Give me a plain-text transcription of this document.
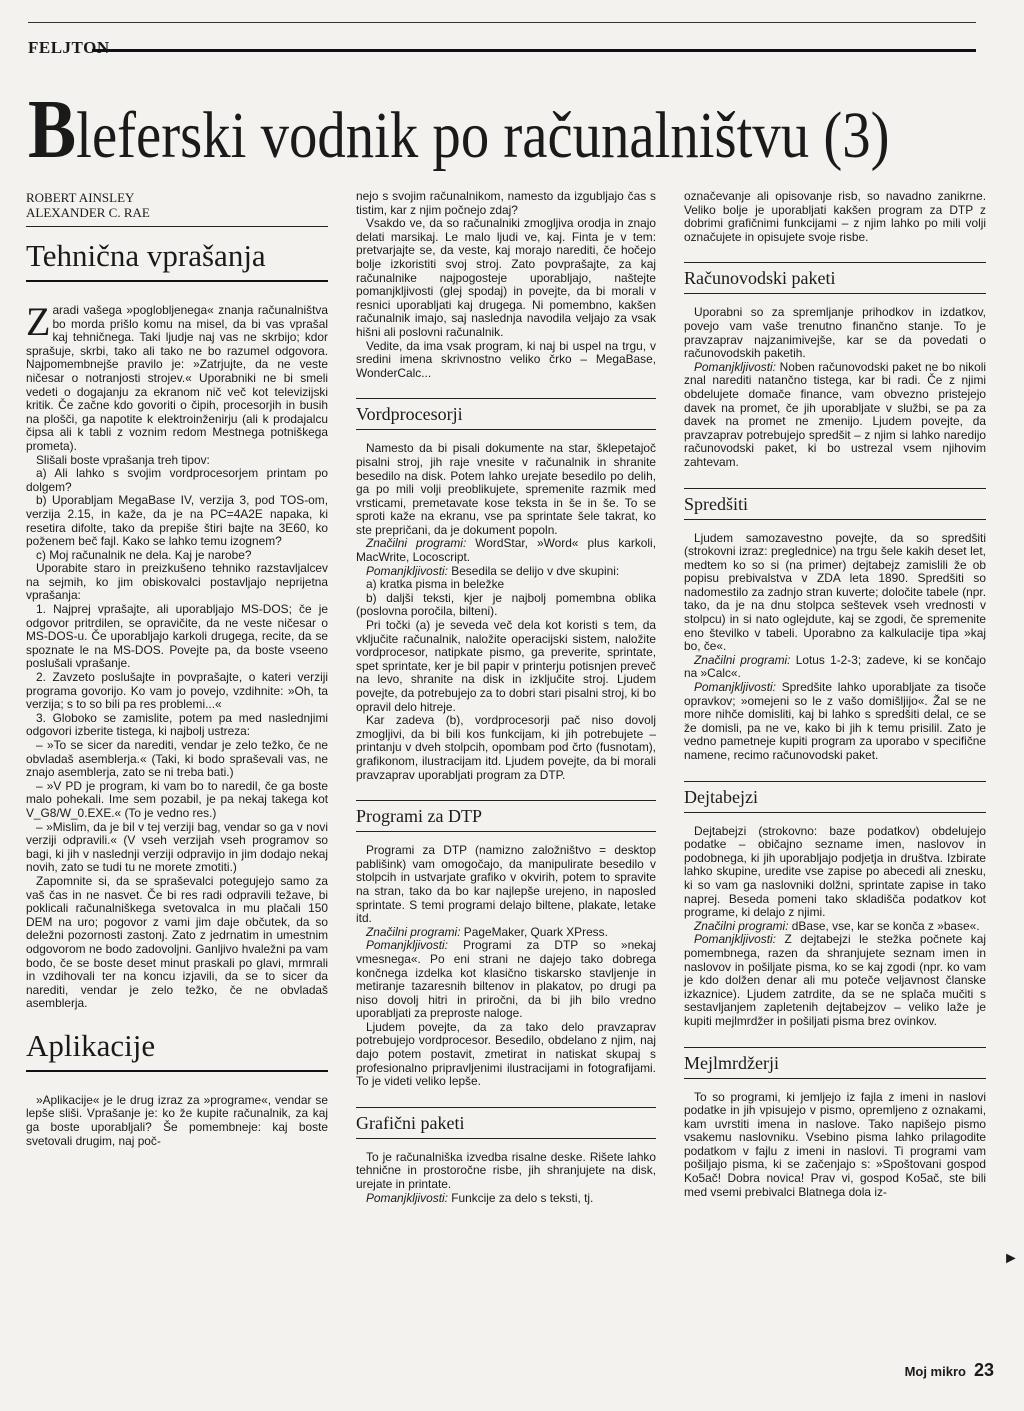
FELJTON
Bleferski vodnik po računalništvu (3)
ROBERT AINSLEY
ALEXANDER C. RAE
Tehnična vprašanja

Zaradi vašega »poglobljenega« znanja računalništva bo morda prišlo komu na misel, da bi vas vprašal kaj tehničnega. Taki ljudje naj vas ne skrbijo; kdor sprašuje, skrbi, tako ali tako ne bo razumel odgovora. Najpomembnejše pravilo je: »Zatrjujte, da ne veste ničesar o notranjosti strojev.« Uporabniki ne bi smeli vedeti o dogajanju za ekranom nič več kot televizijski kritik. Če začne kdo govoriti o čipih, procesorjih in busih na plošči, ga napotite k elektroinženirju (ali k prodajalcu čipsa ali k tabli z voznim redom Mestnega potniškega prometa).

Slišali boste vprašanja treh tipov:

a) Ali lahko s svojim vordprocesorjem printam po dolgem?

b) Uporabljam MegaBase IV, verzija 3, pod TOS-om, verzija 2.15, in kaže, da je na PC=4A2E napaka, ki resetira difolte, tako da prepiše štiri bajte na 3E60, ko poženem beč fajl. Kako se lahko temu izognem?

c) Moj računalnik ne dela. Kaj je narobe?

Uporabite staro in preizkušeno tehniko razstavljalcev na sejmih, ko jim obiskovalci postavljajo neprijetna vprašanja:

1. Najprej vprašajte, ali uporabljajo MS-DOS; če je odgovor pritrdilen, se opravičite, da ne veste ničesar o MS-DOS-u. Če uporabljajo karkoli drugega, recite, da se spoznate le na MS-DOS. Povejte pa, da boste vseeno poslušali vprašanje.

2. Zavzeto poslušajte in povprašajte, o kateri verziji programa govorijo. Ko vam jo povejo, vzdihnite: »Oh, ta verzija; s to so bili pa res problemi...«

3. Globoko se zamislite, potem pa med naslednjimi odgovori izberite tistega, ki najbolj ustreza:

– »To se sicer da narediti, vendar je zelo težko, če ne obvladaš asemblerja.« (Taki, ki bodo spraševali vas, ne znajo asemblerja, zato se ni treba bati.)

– »V PD je program, ki vam bo to naredil, če ga boste malo pohekali. Ime sem pozabil, je pa nekaj takega kot V_G8/W_0.EXE.« (To je vedno res.)

– »Mislim, da je bil v tej verziji bag, vendar so ga v novi verziji odpravili.« (V vseh verzijah vseh programov so bagi, ki jih v naslednji verziji odpravijo in jim dodajo nekaj novih, zato se tudi tu ne morete zmotiti.)

Zapomnite si, da se spraševalci potegujejo samo za vaš čas in ne nasvet. Če bi res radi odpravili težave, bi poklicali računalniškega svetovalca in mu plačali 150 DEM na uro; pogovor z vami jim daje občutek, da so deležni pozornosti zastonj. Zato z jedrnatim in umestnim odgovorom ne bodo zadovoljni. Ganljivo hvaležni pa vam bodo, če se boste deset minut praskali po glavi, mrmrali in vzdihovali ter na koncu izjavili, da se to sicer da narediti, vendar je zelo težko, če ne obvladaš asemblerja.

Aplikacije

»Aplikacije« je le drug izraz za »programe«, vendar se lepše sliši. Vprašanje je: ko že kupite računalnik, za kaj ga boste uporabljali? Še pomembneje: kaj boste svetovali drugim, naj poč-

nejo s svojim računalnikom, namesto da izgubljajo čas s tistim, kar z njim počnejo zdaj?

Vsakdo ve, da so računalniki zmogljiva orodja in znajo delati marsikaj. Le malo ljudi ve, kaj. Finta je v tem: pretvarjajte se, da veste, kaj morajo narediti, če hočejo bolje izkoristiti svoj stroj. Zato povprašajte, za kaj računalnike najpogosteje uporabljajo, naštejte pomanjkljivosti (glej spodaj) in povejte, da bi morali v resnici uporabljati kaj drugega. Ni pomembno, kakšen računalnik imajo, saj naslednja navodila veljajo za vsak hišni ali poslovni računalnik.

Vedite, da ima vsak program, ki naj bi uspel na trgu, v sredini imena skrivnostno veliko črko – MegaBase, WonderCalc...

Vordprocesorji

Namesto da bi pisali dokumente na star, šklepetajoč pisalni stroj, jih raje vnesite v računalnik in shranite besedilo na disk. Potem lahko urejate besedilo po delih, ga po mili volji preoblikujete, spremenite razmik med vrsticami, premetavate kose teksta in še in še. To se sproti kaže na ekranu, vse pa sprintate šele takrat, ko ste prepričani, da je dokument popoln.

Značilni programi: WordStar, »Word« plus karkoli, MacWrite, Locoscript.

Pomanjkljivosti: Besedila se delijo v dve skupini:

a) kratka pisma in beležke

b) daljši teksti, kjer je najbolj pomembna oblika (poslovna poročila, bilteni).

Pri točki (a) je seveda več dela kot koristi s tem, da vključite računalnik, naložite operacijski sistem, naložite vordprocesor, natipkate pismo, ga preverite, sprintate, spet sprintate, ker je bil papir v printerju potisnjen preveč na levo, shranite na disk in izključite stroj. Ljudem povejte, da potrebujejo za to dobri stari pisalni stroj, ki bo opravil delo hitreje.

Kar zadeva (b), vordprocesorji pač niso dovolj zmogljivi, da bi bili kos funkcijam, ki jih potrebujete – printanju v dveh stolpcih, opombam pod črto (fusnotam), grafikonom, ilustracijam itd. Ljudem povejte, da bi morali pravzaprav uporabljati program za DTP.

Programi za DTP

Programi za DTP (namizno založništvo = desktop pablišink) vam omogočajo, da manipulirate besedilo v stolpcih in ustvarjate grafiko v okvirih, potem to spravite na stran, tako da bo kar najlepše urejeno, in naposled sprintate. S temi programi delajo biltene, plakate, letake itd.

Značilni programi: PageMaker, Quark XPress.

Pomanjkljivosti: Programi za DTP so »nekaj vmesnega«. Po eni strani ne dajejo tako dobrega končnega izdelka kot klasično tiskarsko stavljenje in metiranje tazaresnih biltenov in plakatov, po drugi pa niso dovolj hitri in priročni, da bi jih bilo vredno uporabljati za preproste naloge.

Ljudem povejte, da za tako delo pravzaprav potrebujejo vordprocesor. Besedilo, obdelano z njim, naj dajo potem postavit, zmetirat in natiskat skupaj s profesionalno pripravljenimi ilustracijami in fotografijami. To je videti veliko lepše.

Grafični paketi

To je računalniška izvedba risalne deske. Rišete lahko tehnične in prostoročne risbe, jih shranjujete na disk, urejate in printate.

Pomanjkljivosti: Funkcije za delo s teksti, tj.

označevanje ali opisovanje risb, so navadno zanikrne. Veliko bolje je uporabljati kakšen program za DTP z dobrimi grafičnimi funkcijami – z njim lahko po mili volji označujete in opisujete svoje risbe.

Računovodski paketi

Uporabni so za spremljanje prihodkov in izdatkov, povejo vam vaše trenutno finančno stanje. To je pravzaprav najzanimivejše, kar se da povedati o računovodskih paketih.

Pomanjkljivosti: Noben računovodski paket ne bo nikoli znal narediti natančno tistega, kar bi radi. Če z njimi obdelujete domače finance, vam obvezno pristejejo davek na promet, če jih uporabljate v službi, se pa za davek na promet ne zmenijo. Ljudem povejte, da pravzaprav potrebujejo spredšit – z njim si lahko naredijo računovodski paket, ki bo ustrezal vsem njihovim zahtevam.

Spredšiti

Ljudem samozavestno povejte, da so spredšiti (strokovni izraz: preglednice) na trgu šele kakih deset let, medtem ko so si (na primer) dejtabejz zamislili že ob popisu prebivalstva v ZDA leta 1890. Spredšiti so nadomestilo za zadnjo stran kuverte; določite tabele (npr. tako, da je na dnu stolpca seštevek vseh vrednosti v stolpcu) in si nato oglejdute, kaj se zgodi, če spremenite eno številko v tabeli. Uporabno za kalkulacije tipa »kaj bo, če«.

Značilni programi: Lotus 1-2-3; zadeve, ki se končajo na »Calc«.

Pomanjkljivosti: Spredšite lahko uporabljate za tisoče opravkov; »omejeni so le z vašo domišljijo«. Žal se ne more nihče domisliti, kaj bi lahko s spredšiti delal, ce se že domisli, pa ne ve, kako bi jih k temu prisilil. Zato je vedno pametneje kupiti program za uporabo v specifične namene, recimo računovodski paket.

Dejtabejzi

Dejtabejzi (strokovno: baze podatkov) obdelujejo podatke – običajno sezname imen, naslovov in podobnega, ki jih uporabljajo podjetja in društva. Izbirate lahko skupine, uredite vse zapise po abecedi ali znesku, ki so vam ga naslovniki dolžni, sprintate zapise in tako naprej. Beseda pomeni tako skladišča podatkov kot programe, ki delajo z njimi.

Značilni programi: dBase, vse, kar se konča z »base«.

Pomanjkljivosti: Z dejtabejzi le stežka počnete kaj pomembnega, razen da shranjujete seznam imen in naslovov in pošiljate pisma, ko se kaj zgodi (npr. ko vam je kdo dolžen denar ali mu poteče veljavnost članske izkaznice). Ljudem zatrdite, da se ne splača mučiti s sestavljanjem zapletenih dejtabejzov – veliko laže je kupiti mejlmrdžer in pošiljati pisma brez ovinkov.

Mejlmrdžerji

To so programi, ki jemljejo iz fajla z imeni in naslovi podatke in jih vpisujejo v pismo, opremljeno z oznakami, kam uvrstiti imena in naslove. Tako napišejo pismo vsakemu naslovniku. Vsebino pisma lahko prilagodite podatkom v fajlu z imeni in naslovi. Ti programi vam pošiljajo pisma, ki se začenjajo s: »Spoštovani gospod Ko5ač! Dobra novica! Prav vi, gospod Ko5ač, ste bili med vsemi prebivalci Blatnega dola iz-

►
Moj mikro 23
